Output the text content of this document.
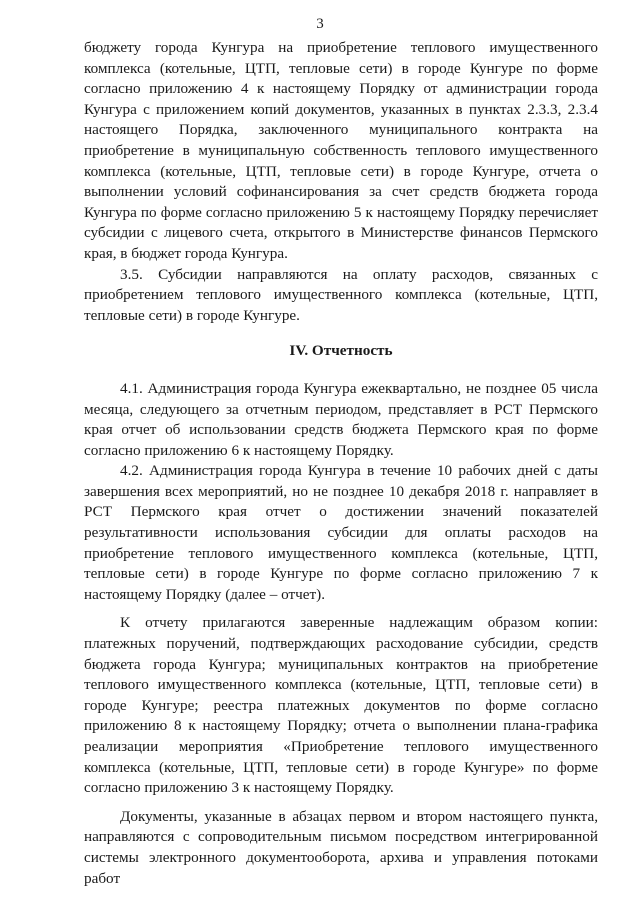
3

бюджету города Кунгура на приобретение теплового имущественного комплекса (котельные, ЦТП, тепловые сети) в городе Кунгуре по форме согласно приложению 4 к настоящему Порядку от администрации города Кунгура с приложением копий документов, указанных в пунктах 2.3.3, 2.3.4 настоящего Порядка, заключенного муниципального контракта на приобретение в муниципальную собственность теплового имущественного комплекса (котельные, ЦТП, тепловые сети) в городе Кунгуре, отчета о выполнении условий софинансирования за счет средств бюджета города Кунгура по форме согласно приложению 5 к настоящему Порядку перечисляет субсидии с лицевого счета, открытого в Министерстве финансов Пермского края, в бюджет города Кунгура.

3.5. Субсидии направляются на оплату расходов, связанных с приобретением теплового имущественного комплекса (котельные, ЦТП, тепловые сети) в городе Кунгуре.

IV. Отчетность

4.1. Администрация города Кунгура ежеквартально, не позднее 05 числа месяца, следующего за отчетным периодом, представляет в РСТ Пермского края отчет об использовании средств бюджета Пермского края по форме согласно приложению 6 к настоящему Порядку.

4.2. Администрация города Кунгура в течение 10 рабочих дней с даты завершения всех мероприятий, но не позднее 10 декабря 2018 г. направляет в РСТ Пермского края отчет о достижении значений показателей результативности использования субсидии для оплаты расходов на приобретение теплового имущественного комплекса (котельные, ЦТП, тепловые сети) в городе Кунгуре по форме согласно приложению 7 к настоящему Порядку (далее – отчет).

К отчету прилагаются заверенные надлежащим образом копии: платежных поручений, подтверждающих расходование субсидии, средств бюджета города Кунгура; муниципальных контрактов на приобретение теплового имущественного комплекса (котельные, ЦТП, тепловые сети) в городе Кунгуре; реестра платежных документов по форме согласно приложению 8 к настоящему Порядку; отчета о выполнении плана-графика реализации мероприятия «Приобретение теплового имущественного комплекса (котельные, ЦТП, тепловые сети) в городе Кунгуре» по форме согласно приложению 3 к настоящему Порядку.

Документы, указанные в абзацах первом и втором настоящего пункта, направляются с сопроводительным письмом посредством интегрированной системы электронного документооборота, архива и управления потоками работ
